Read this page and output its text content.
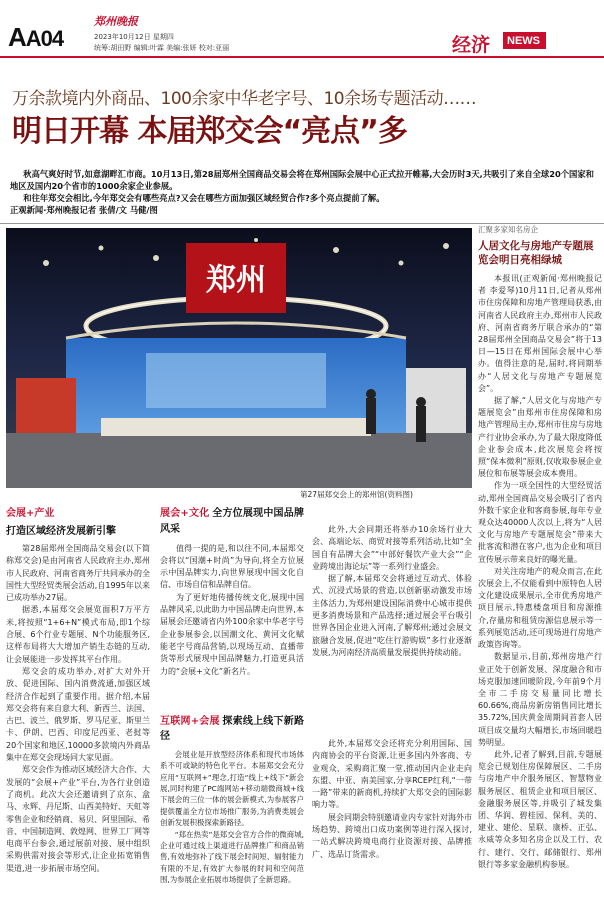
AA04
郑州晚报
2023年10月12日 星期四
统筹:胡田野 编辑:叶霖 美编:张妍 校对:亚丽	经济	NEWS
万余款境内外商品、100余家中华老字号、10余场专题活动……
明日开幕 本届郑交会“亮点”多

秋高气爽好时节,如意湖畔汇市商。10月13日,第28届郑州全国商品交易会将在郑州国际会展中心正式拉开帷幕,大会历时3天,共吸引了来自全球20个国家和地区及国内20个省市的1000余家企业参展。

和往年郑交会相比,今年郑交会有哪些亮点?又会在哪些方面加强区域经贸合作?多个亮点提前了解。

正观新闻·郑州晚报记者 张倩/文 马健/图
郑州
第27届郑交会上的郑州馆(资料图)
会展+产业
打造区域经济发展新引擎

第28届郑州全国商品交易会(以下简称郑交会)是由河南省人民政府主办,郑州市人民政府、河南省商务厅共同承办的全国性大型经贸类展会活动,自1995年以来已成功举办27届。

据悉,本届郑交会展览面积7万平方米,将按照“1+6+N”模式布局,即1个综合展、6个行业专题展、N个功能服务区,这样布局将大大增加产销生态链的互动,让会展能进一步发挥其平台作用。

郑交会的成功举办,对扩大对外开放、促进国际、国内消费流通,加强区域经济合作起到了重要作用。据介绍,本届郑交会将有来自意大利、新西兰、法国、古巴、波兰、俄罗斯、罗马尼亚、斯里兰卡、伊朗、巴西、印度尼西亚、老挝等20个国家和地区,10000多款境内外商品集中在郑交会现场同大家见面。

郑交会作为推动区域经济大合作、大发展的“会展+产业”平台,为各行业创造了商机。此次大会还邀请到了京东、盒马、永辉、丹尼斯、山西美特好、天虹等零售企业和经销商、易贝、阿里国际、希音、中国制造网、敦煌网、世界工厂网等电商平台参会,通过展前对接、展中组织采购供需对接会等形式,让企业拓宽销售渠道,进一步拓展市场空间。

展会+文化 全方位展现中国品牌风采

值得一提的是,和以往不同,本届郑交会将以“国潮+时尚”为导向,将全方位展示中国品牌实力,向世界展现中国文化自信、市场自信和品牌自信。

为了更好地传播传统文化,展现中国品牌风采,以此助力中国品牌走向世界,本届展会还邀请省内外100余家中华老字号企业参展参会,以国潮文化、黄河文化赋能老字号商品营销,以现场互动、直播带货等形式展现中国品牌魅力,打造更具活力的“会展+文化”新名片。

此外,大会同期还将举办10余场行业大会、高端论坛、商贸对接等系列活动,比如“全国自有品牌大会”“中部好餐饮产业大会”“企业跨境出海论坛”等一系列行业盛会。

据了解,本届郑交会将通过互动式、体验式、沉浸式场景的营造,以创新驱动激发市场主体活力,为郑州建设国际消费中心城市提供更多消费场景和产品选择;通过展会平台吸引世界各国企业进入河南,了解郑州;通过会展文旅融合发展,促进“吃住行游购娱”多行业逐渐发展,为河南经济高质量发展提供持续动能。

互联网+会展 探索线上线下新路径

会展业是开放型经济体系和现代市场体系不可或缺的特色化平台。本届郑交会充分应用“互联网+”理念,打造“线上+线下”新会展,同时构建了PC端网站+移动端微商城+线下展会的三位一体的展会新模式,为参展客户提供覆盖全方位市场推广服务,为消费类展会创新发展积极探索新路径。

“郑在热卖”是郑交会官方合作的微商城,企业可通过线上渠道进行品牌推广和商品销售,有效地弥补了线下展会时间短、辐射能力有限的不足,有效扩大参展的时间和空间范围,为参展企业拓展市场提供了全新思路。

此外,本届郑交会还将充分利用国际、国内商协会的平台资源,让更多国内外客商、专业观众、采购商汇聚一堂,推动国内企业走向东盟、中亚、南美国家,分享RCEP红利,“一带一路”带来的新商机,持续扩大郑交会的国际影响力等。

展会同期会特别邀请业内专家针对海外市场趋势、跨境出口成功案例等进行深入探讨,一站式解决跨境电商行业资源对接、品牌推广、选品订货需求。

汇聚多家知名房企
人居文化与房地产专题展览会明日亮相绿城

本报讯(正观新闻·郑州晚报记者 李爱琴)10月11日,记者从郑州市住房保障和房地产管理局获悉,由河南省人民政府主办,郑州市人民政府、河南省商务厅联合承办的“第28届郑州全国商品交易会”将于13日—15日在郑州国际会展中心举办。值得注意的是,届时,将同期举办“人居文化与房地产专题展览会”。

据了解,“人居文化与房地产专题展览会”由郑州市住房保障和房地产管理局主办,郑州市住房与房地产行业协会承办,为了最大限度降低企业参会成本,此次展览会将按照“保本微利”原则,仅收取参展企业展位和布展等展会成本费用。

作为一项全国性的大型经贸活动,郑州全国商品交易会吸引了省内外数千家企业和客商参展,每年专业观众达40000人次以上,将为“人居文化与房地产专题展览会”带来大批客流和潜在客户,也为企业和项目宣传展示带来良好的曝光量。

对关注房地产的观众而言,在此次展会上,不仅能看到中原特色人居文化建设成果展示,全市优秀房地产项目展示,特惠楼盘项目和房源推介,存量房和租赁房源信息展示等一系列展览活动,还可现场进行房地产政策咨询等。

数据显示,目前,郑州房地产行业正处于创新发展、深度融合和市场克服加速回暖阶段,今年前9个月全市二手房交易量同比增长60.66%,商品房新房销售同比增长35.72%,国庆黄金周期间首套人居项目成交量均大幅增长,市场回暖趋势明显。

此外,记者了解到,目前,专题展览会已规划住房保障展区、二手房与房地产中介服务展区、智慧物业服务展区、租赁企业和项目展区、金融服务展区等,并吸引了城发集团、华润、碧桂园、保利、美的、建业、建伦、星联、康桥、正弘、永威等众多知名房企以及工行、农行、建行、交行、邮储银行、郑州银行等多家金融机构参展。
